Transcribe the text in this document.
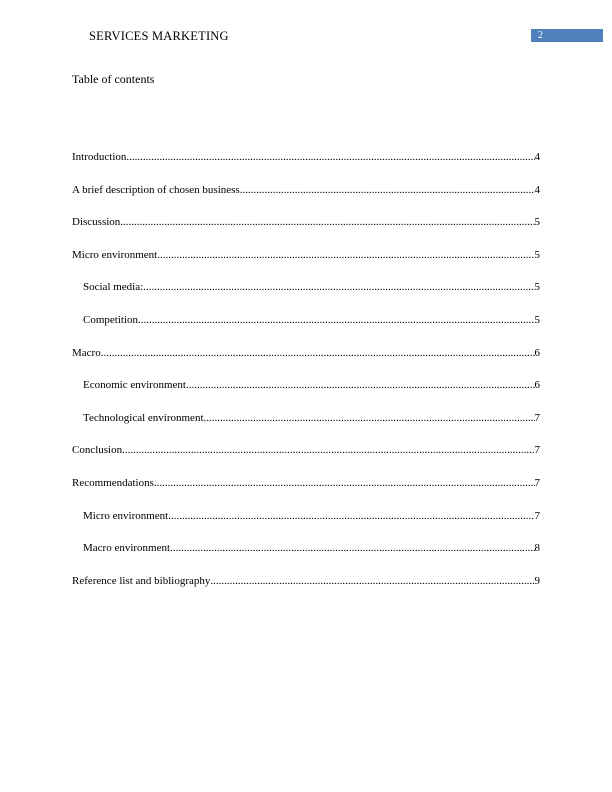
SERVICES MARKETING	2
Table of contents
Introduction .....	4
A brief description of chosen business .....	4
Discussion .....	5
Micro environment .....	5
Social media: .....	5
Competition .....	5
Macro .....	6
Economic environment .....	6
Technological environment .....	7
Conclusion .....	7
Recommendations .....	7
Micro environment .....	7
Macro environment .....	8
Reference list and bibliography .....	9
